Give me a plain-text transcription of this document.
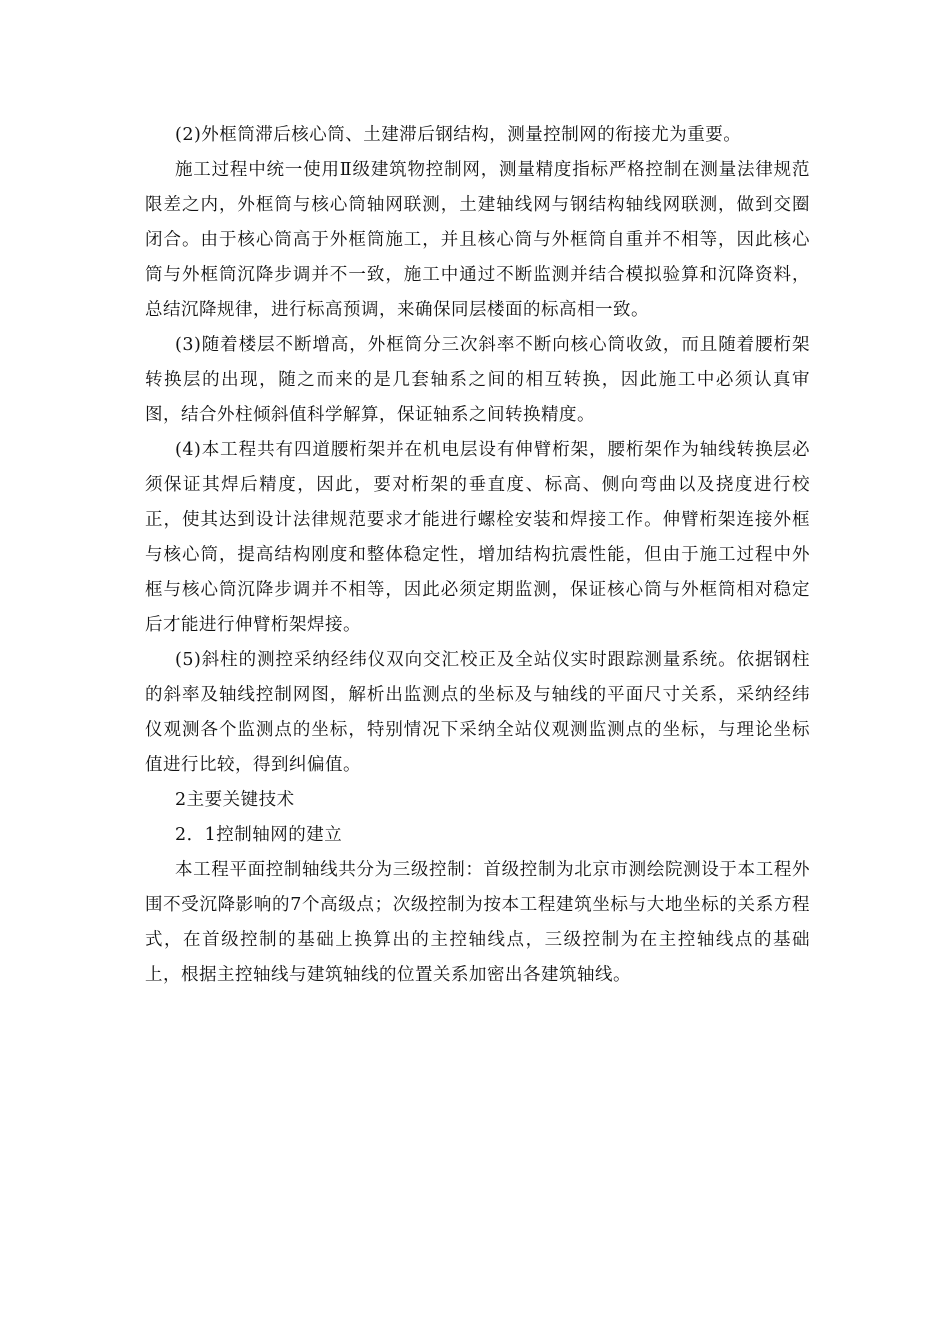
(2)外框筒滞后核心筒、土建滞后钢结构，测量控制网的衔接尤为重要。

施工过程中统一使用Ⅱ级建筑物控制网，测量精度指标严格控制在测量法律规范限差之内，外框筒与核心筒轴网联测，土建轴线网与钢结构轴线网联测，做到交圈闭合。由于核心筒高于外框筒施工，并且核心筒与外框筒自重并不相等，因此核心筒与外框筒沉降步调并不一致，施工中通过不断监测并结合模拟验算和沉降资料，总结沉降规律，进行标高预调，来确保同层楼面的标高相一致。

(3)随着楼层不断增高，外框筒分三次斜率不断向核心筒收敛，而且随着腰桁架转换层的出现，随之而来的是几套轴系之间的相互转换，因此施工中必须认真审图，结合外柱倾斜值科学解算，保证轴系之间转换精度。

(4)本工程共有四道腰桁架并在机电层设有伸臂桁架，腰桁架作为轴线转换层必须保证其焊后精度，因此，要对桁架的垂直度、标高、侧向弯曲以及挠度进行校正，使其达到设计法律规范要求才能进行螺栓安装和焊接工作。伸臂桁架连接外框与核心筒，提高结构刚度和整体稳定性，增加结构抗震性能，但由于施工过程中外框与核心筒沉降步调并不相等，因此必须定期监测，保证核心筒与外框筒相对稳定后才能进行伸臂桁架焊接。

(5)斜柱的测控采纳经纬仪双向交汇校正及全站仪实时跟踪测量系统。依据钢柱的斜率及轴线控制网图，解析出监测点的坐标及与轴线的平面尺寸关系，采纳经纬仪观测各个监测点的坐标，特别情况下采纳全站仪观测监测点的坐标，与理论坐标值进行比较，得到纠偏值。

2主要关键技术

2．1控制轴网的建立

本工程平面控制轴线共分为三级控制：首级控制为北京市测绘院测设于本工程外围不受沉降影响的7个高级点；次级控制为按本工程建筑坐标与大地坐标的关系方程式，在首级控制的基础上换算出的主控轴线点，三级控制为在主控轴线点的基础上，根据主控轴线与建筑轴线的位置关系加密出各建筑轴线。
